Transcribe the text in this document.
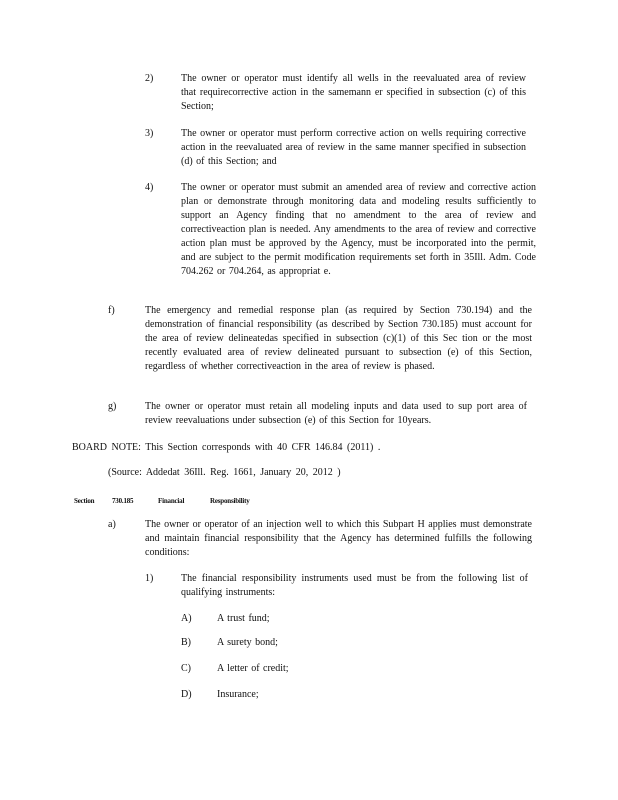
2)	The owner or operator must identify all wells in the reevaluated area of review that requirecorrective action in the samemann er specified in subsection (c) of this Section;
3)	The owner or operator must perform corrective action on wells requiring corrective action in the reevaluated area of review in the same manner specified in subsection (d) of this Section; and
4)	The owner or operator must submit an amended area of review and corrective action plan or demonstrate through monitoring data and modeling results sufficiently to support an Agency finding that no amendment to the area of review and correctiveaction plan is needed. Any amendments to the area of review and corrective action plan must be approved by the Agency, must be incorporated into the permit, and are subject to the permit modification requirements set forth in 35Ill. Adm. Code 704.262 or 704.264, as appropriat e.
f)	The emergency and remedial response plan (as required by Section 730.194) and the demonstration of financial responsibility (as described by Section 730.185) must account for the area of review delineatedas specified in subsection (c)(1) of this Sec tion or the most recently evaluated area of review delineated pursuant to subsection (e) of this Section, regardless of whether correctiveaction in the area of review is phased.
g)	The owner or operator must retain all modeling inputs and data used to sup port area of review reevaluations under subsection (e) of this Section for 10years.
BOARD NOTE: This Section corresponds with 40 CFR 146.84 (2011) .
(Source: Addedat 36Ill. Reg. 1661, January 20, 2012 )
Section	730.185	Financial	Responsibility
a)	The owner or operator of an injection well to which this Subpart H applies must demonstrate and maintain financial responsibility that the Agency has determined fulfills the following conditions:
1)	The financial responsibility instruments used must be from the following list of qualifying instruments:
A)	A trust fund;
B)	A surety bond;
C)	A letter of credit;
D)	Insurance;
